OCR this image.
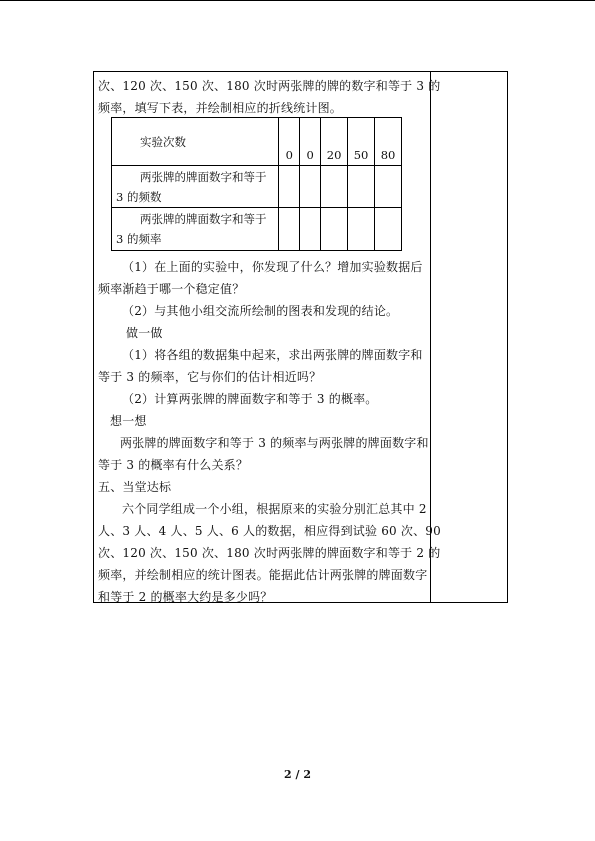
次、120 次、150 次、180 次时两张牌的牌的数字和等于 3 的
频率，填写下表，并绘制相应的折线统计图。
实验次数	0	0	20	50	80

两张牌的牌面数字和等于
3 的频数					

两张牌的牌面数字和等于
3 的频率					

（1）在上面的实验中，你发现了什么？增加实验数据后
频率渐趋于哪一个稳定值？
（2）与其他小组交流所绘制的图表和发现的结论。
做一做
（1）将各组的数据集中起来，求出两张牌的牌面数字和
等于 3 的频率，它与你们的估计相近吗？
（2）计算两张牌的牌面数字和等于 3 的概率。
想一想
两张牌的牌面数字和等于 3 的频率与两张牌的牌面数字和
等于 3 的概率有什么关系？
五、当堂达标
六个同学组成一个小组，根据原来的实验分别汇总其中 2
人、3 人、4 人、5 人、6 人的数据，相应得到试验 60 次、90
次、120 次、150 次、180 次时两张牌的牌面数字和等于 2 的
频率，并绘制相应的统计图表。能据此估计两张牌的牌面数字
和等于 2 的概率大约是多少吗？
2 / 2
